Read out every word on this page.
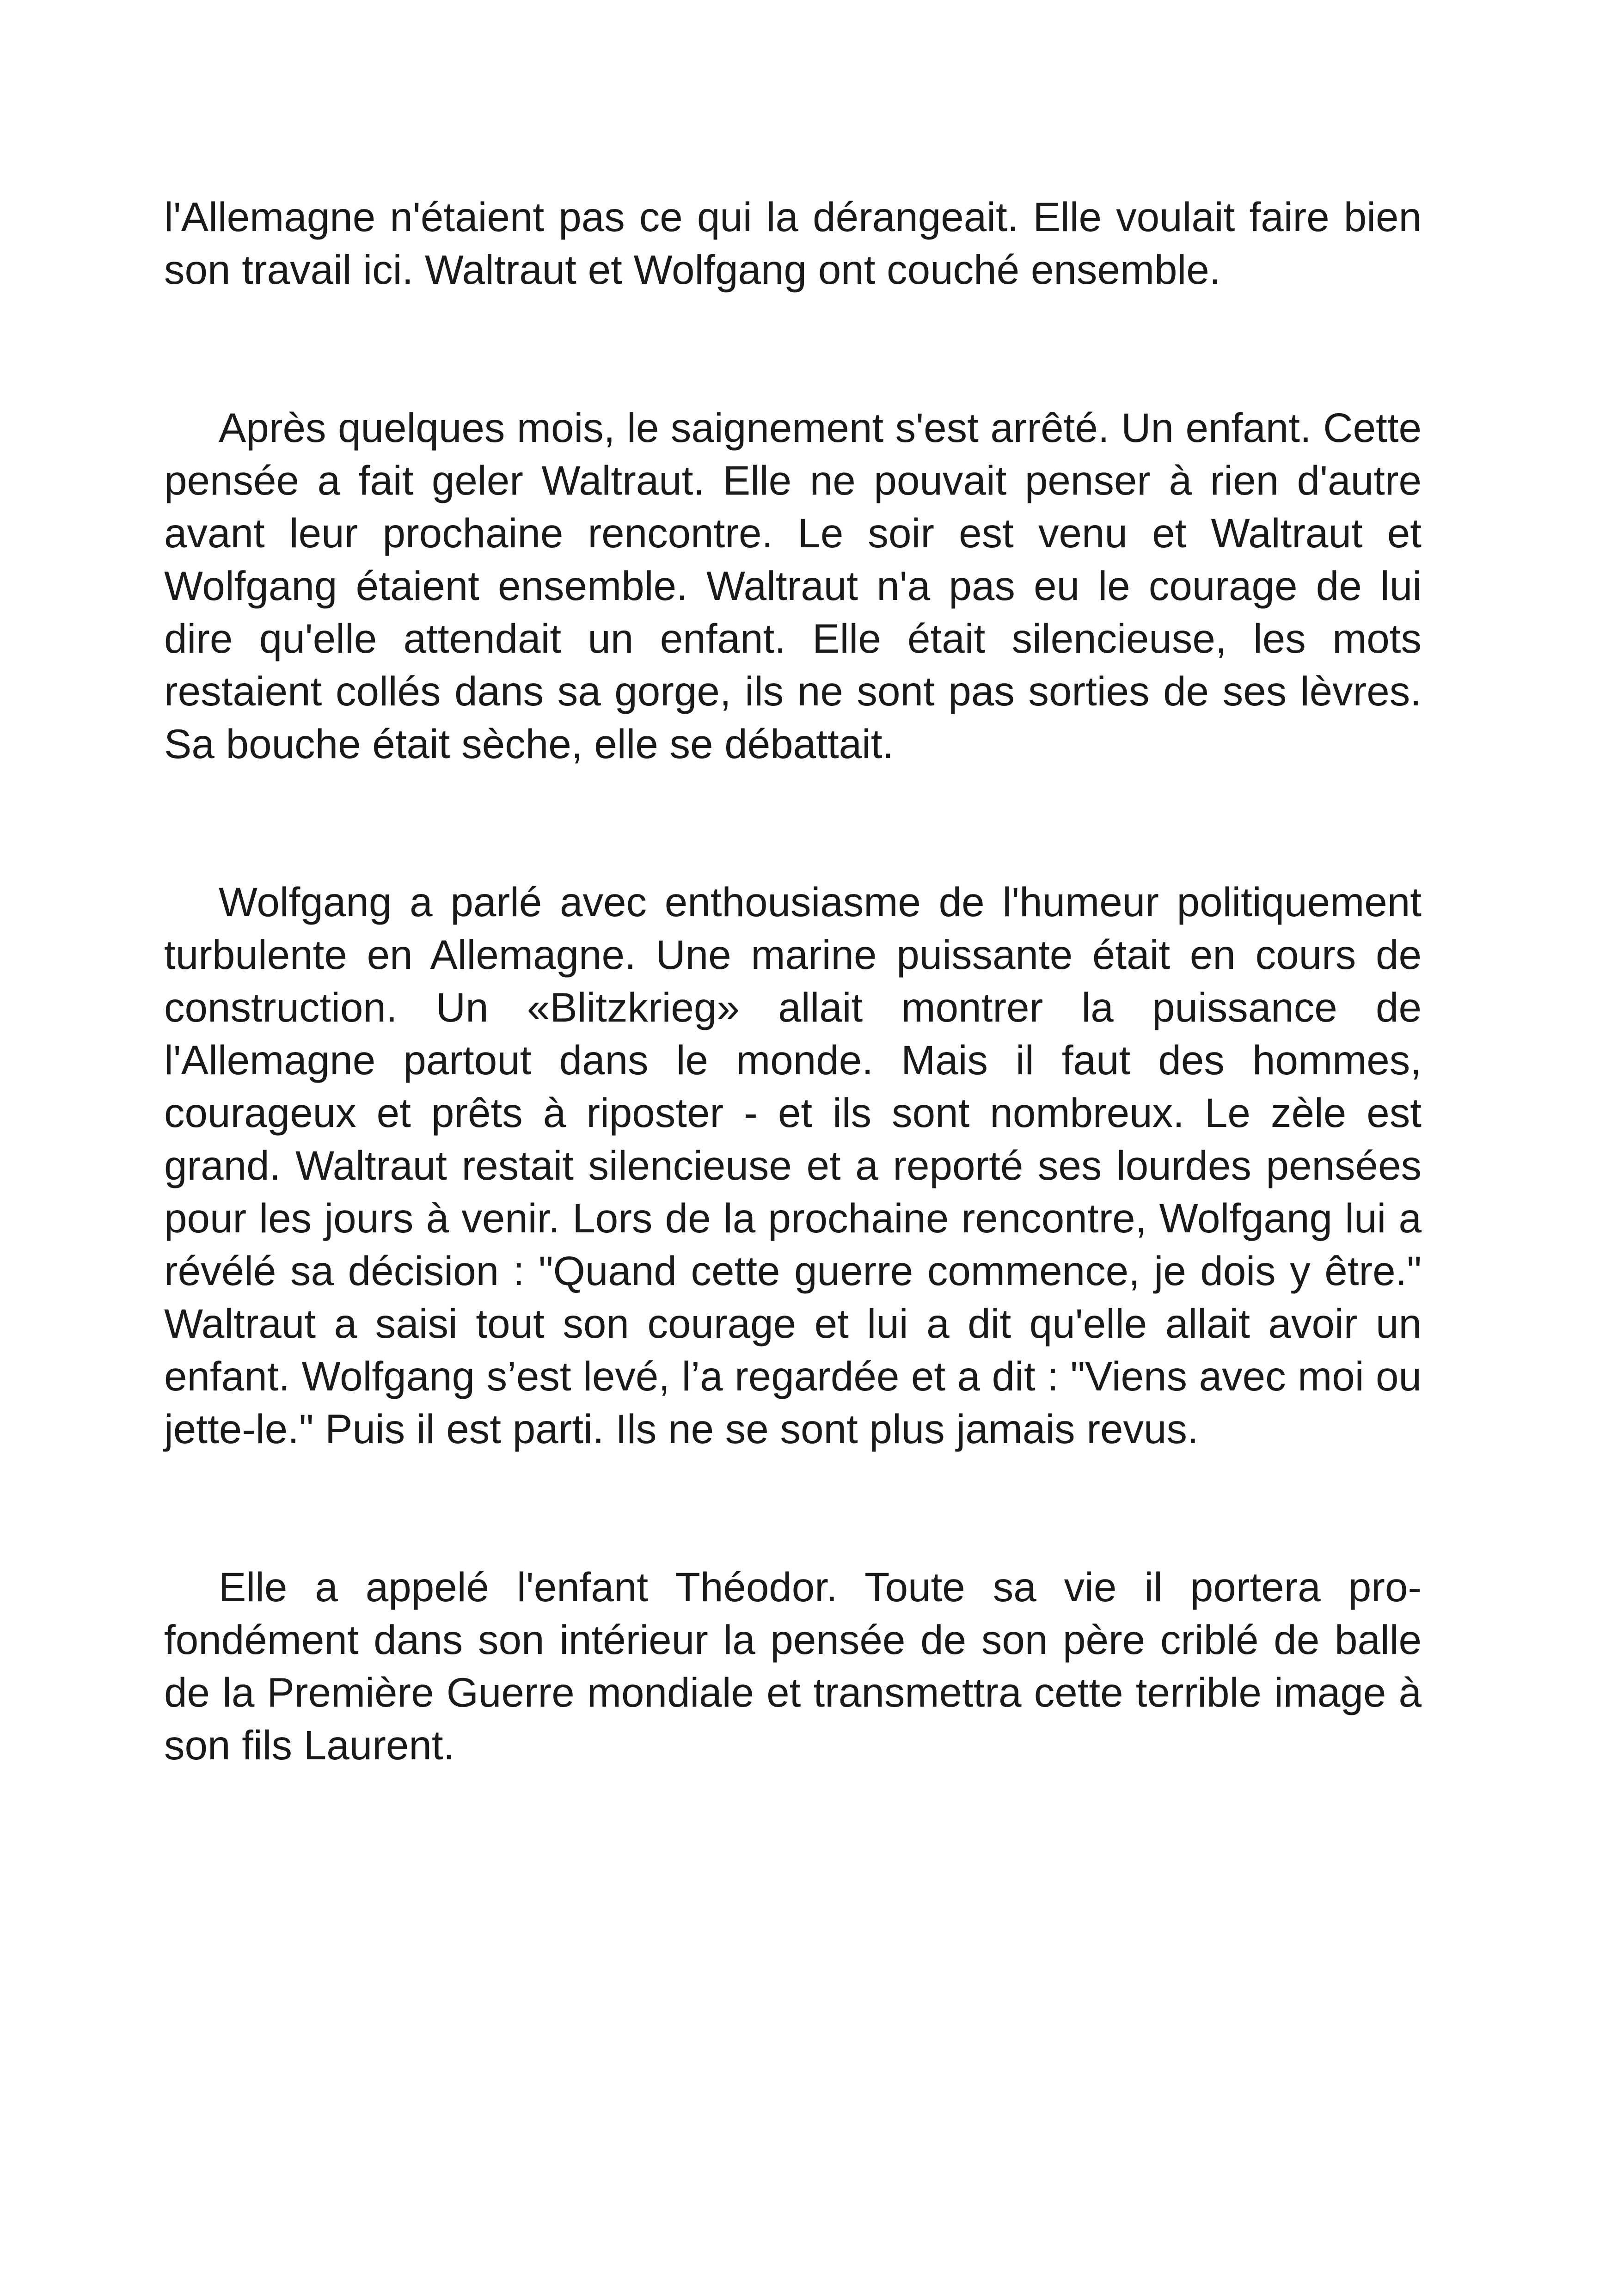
l'Allemagne n'étaient pas ce qui la dérangeait. Elle voulait faire bien son travail ici. Waltraut et Wolfgang ont couché ensemble.

Après quelques mois, le saignement s'est arrêté. Un enfant. Cette pensée a fait geler Waltraut. Elle ne pouvait penser à rien d'autre avant leur prochaine rencontre. Le soir est venu et Waltraut et Wolfgang étaient ensemble. Waltraut n'a pas eu le courage de lui dire qu'elle attendait un enfant. Elle était silencieuse, les mots restaient collés dans sa gorge, ils ne sont pas sorties de ses lèvres. Sa bouche était sèche, elle se débattait.

Wolfgang a parlé avec enthousiasme de l'humeur politiquement turbulente en Allemagne. Une marine puissante était en cours de construction. Un «Blitzkrieg» allait montrer la puissance de l'Allemagne partout dans le monde. Mais il faut des hommes, courageux et prêts à riposter - et ils sont nombreux. Le zèle est grand. Waltraut restait silencieuse et a reporté ses lourdes pensées pour les jours à venir. Lors de la prochaine rencontre, Wolfgang lui a révélé sa décision : "Quand cette guerre commence, je dois y être." Waltraut a saisi tout son courage et lui a dit qu'elle allait avoir un enfant. Wolfgang s’est levé, l’a regardée et a dit : "Viens avec moi ou jette-le." Puis il est parti. Ils ne se sont plus jamais revus.

Elle a appelé l'enfant Théodor. Toute sa vie il portera profondément dans son intérieur la pensée de son père criblé de balle de la Première Guerre mondiale et transmettra cette terrible image à son fils Laurent.
